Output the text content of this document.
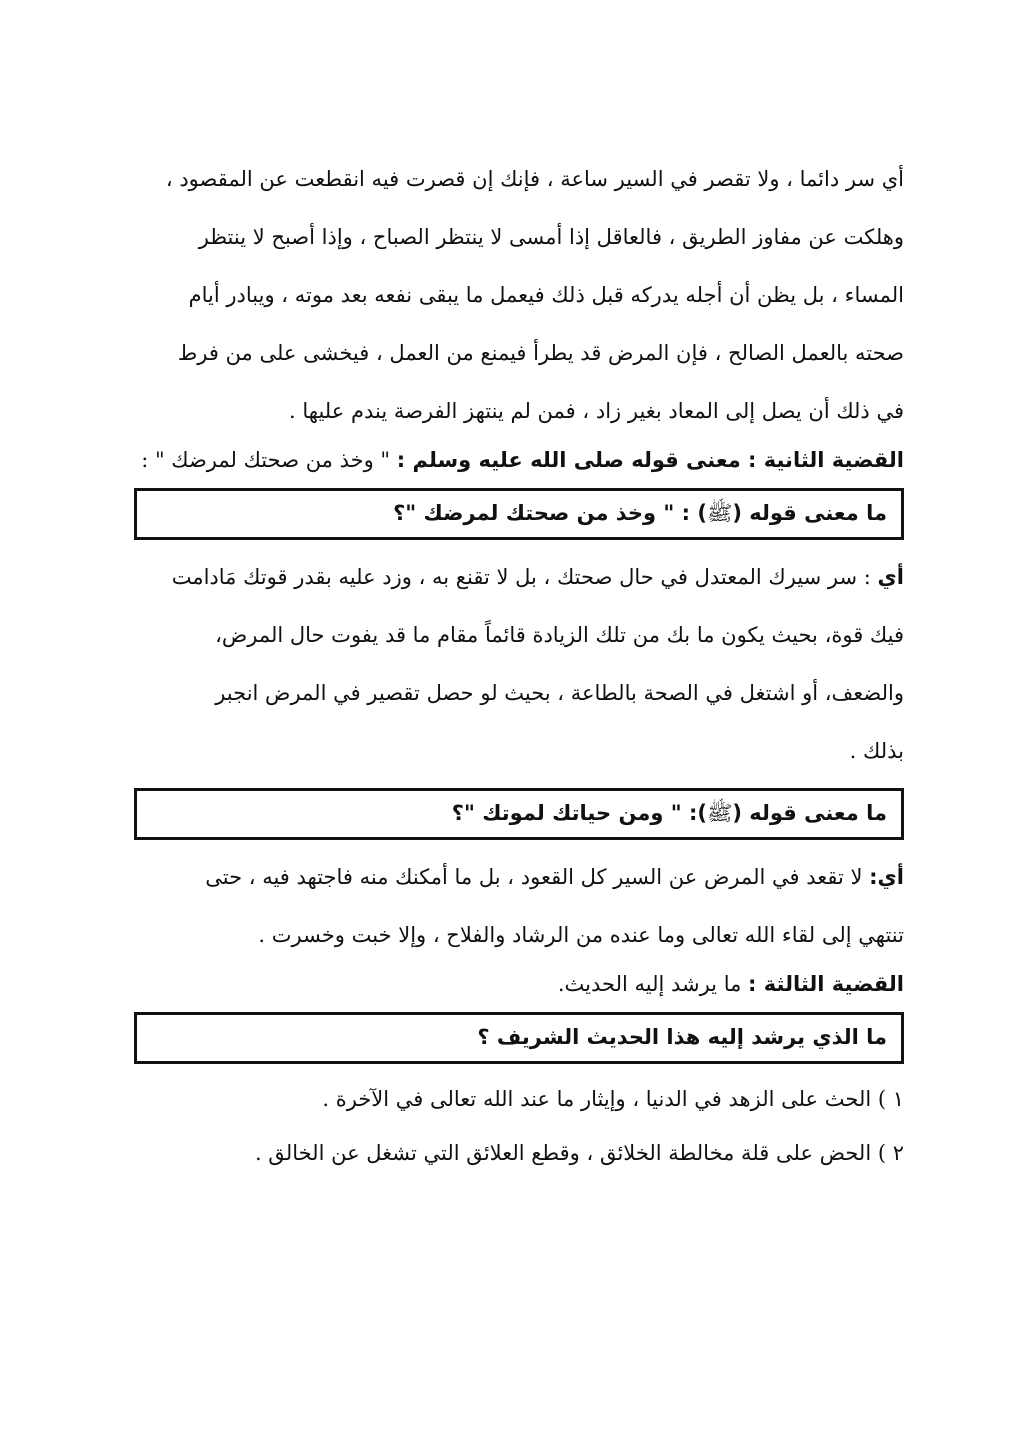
أي سر دائما ، ولا تقصر في السير ساعة ، فإنك إن قصرت فيه انقطعت عن المقصود ،

وهلكت عن مفاوز الطريق ، فالعاقل إذا أمسى لا ينتظر الصباح ، وإذا أصبح لا ينتظر

المساء ، بل يظن أن أجله يدركه قبل ذلك فيعمل ما يبقى نفعه بعد موته ، ويبادر أيام

صحته بالعمل الصالح ، فإن المرض قد يطرأ فيمنع من العمل ، فيخشى على من فرط

في ذلك أن يصل إلى المعاد بغير زاد ، فمن لم ينتهز الفرصة يندم عليها .

القضية الثانية : معنى قوله صلى الله عليه وسلم : " وخذ من صحتك لمرضك " :

ما معنى قوله (ﷺ) : " وخذ من صحتك لمرضك "؟

أي : سر سيرك المعتدل في حال صحتك ، بل لا تقنع به ، وزد عليه بقدر قوتك مَادامت

فيك قوة، بحيث يكون ما بك من تلك الزيادة قائماً مقام ما قد يفوت حال المرض،

والضعف، أو اشتغل في الصحة بالطاعة ، بحيث لو حصل تقصير في المرض انجبر

بذلك .

ما معنى قوله (ﷺ): " ومن حياتك لموتك "؟

أي: لا تقعد في المرض عن السير كل القعود ، بل ما أمكنك منه فاجتهد فيه ، حتى

تنتهي إلى لقاء الله تعالى وما عنده من الرشاد والفلاح ، وإلا خبت وخسرت .

القضية الثالثة : ما يرشد إليه الحديث.

ما الذي يرشد إليه هذا الحديث الشريف ؟

١ ) الحث على الزهد في الدنيا ، وإيثار ما عند الله تعالى في الآخرة .

٢ ) الحض على قلة مخالطة الخلائق ، وقطع العلائق التي تشغل عن الخالق .
